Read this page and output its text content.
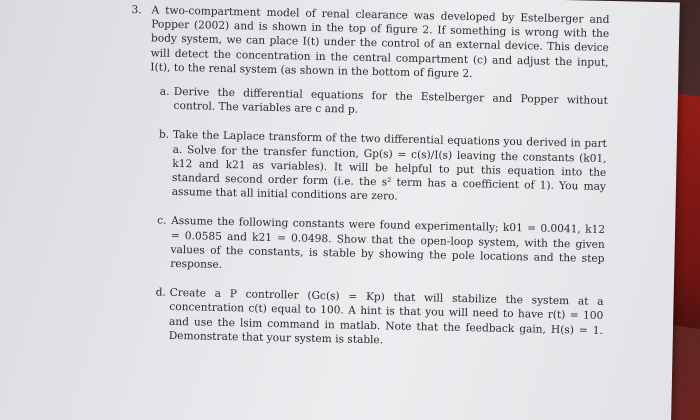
3. A two-compartment model of renal clearance was developed by Estelberger and Popper (2002) and is shown in the top of figure 2. If something is wrong with the body system, we can place I(t) under the control of an external device. This device will detect the concentration in the central compartment (c) and adjust the input, I(t), to the renal system (as shown in the bottom of figure 2.
a. Derive the differential equations for the Estelberger and Popper without control. The variables are c and p.
b. Take the Laplace transform of the two differential equations you derived in part a. Solve for the transfer function, Gp(s) = c(s)/I(s) leaving the constants (k01, k12 and k21 as variables). It will be helpful to put this equation into the standard second order form (i.e. the s² term has a coefficient of 1). You may assume that all initial conditions are zero.
c. Assume the following constants were found experimentally; k01 = 0.0041, k12 = 0.0585 and k21 = 0.0498. Show that the open-loop system, with the given values of the constants, is stable by showing the pole locations and the step response.
d. Create a P controller (Gc(s) = Kp) that will stabilize the system at a concentration c(t) equal to 100. A hint is that you will need to have r(t) = 100 and use the lsim command in matlab. Note that the feedback gain, H(s) = 1. Demonstrate that your system is stable.
